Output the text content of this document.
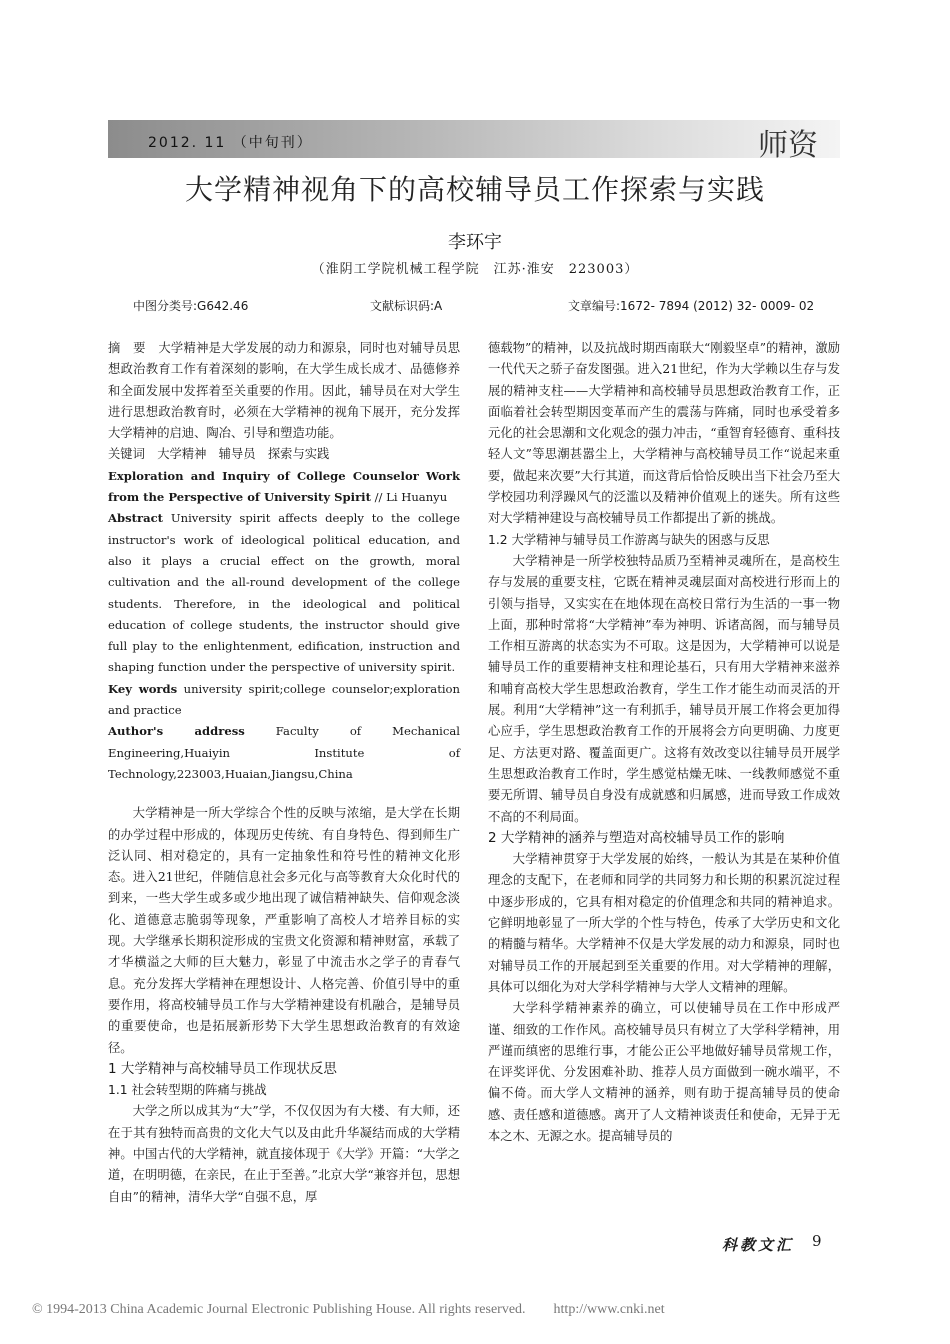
2012. 11 （中旬刊）	师资
大学精神视角下的高校辅导员工作探索与实践
李环宇
（淮阴工学院机械工程学院　江苏·淮安　223003）
中图分类号:G642.46	文献标识码:A	文章编号:1672- 7894 (2012) 32- 0009- 02

摘　要　大学精神是大学发展的动力和源泉，同时也对辅导员思想政治教育工作有着深刻的影响，在大学生成长成才、品德修养和全面发展中发挥着至关重要的作用。因此，辅导员在对大学生进行思想政治教育时，必须在大学精神的视角下展开，充分发挥大学精神的启迪、陶冶、引导和塑造功能。

关键词　大学精神　辅导员　探索与实践

Exploration and Inquiry of College Counselor Work from the Perspective of University Spirit // Li Huanyu

Abstract University spirit affects deeply to the college instructor's work of ideological political education, and also it plays a crucial effect on the growth, moral cultivation and the all-round development of the college students. Therefore, in the ideological and political education of college students, the instructor should give full play to the enlightenment, edification, instruction and shaping function under the perspective of university spirit.

Key words university spirit;college counselor;exploration and practice

Author's address Faculty of Mechanical Engineering,Huaiyin Institute of Technology,223003,Huaian,Jiangsu,China

大学精神是一所大学综合个性的反映与浓缩，是大学在长期的办学过程中形成的，体现历史传统、有自身特色、得到师生广泛认同、相对稳定的，具有一定抽象性和符号性的精神文化形态。进入21世纪，伴随信息社会多元化与高等教育大众化时代的到来，一些大学生或多或少地出现了诚信精神缺失、信仰观念淡化、道德意志脆弱等现象，严重影响了高校人才培养目标的实现。大学继承长期积淀形成的宝贵文化资源和精神财富，承载了才华横溢之大师的巨大魅力，彰显了中流击水之学子的青春气息。充分发挥大学精神在理想设计、人格完善、价值引导中的重要作用，将高校辅导员工作与大学精神建设有机融合，是辅导员的重要使命，也是拓展新形势下大学生思想政治教育的有效途径。

1 大学精神与高校辅导员工作现状反思

1.1 社会转型期的阵痛与挑战

大学之所以成其为“大”学，不仅仅因为有大楼、有大师，还在于其有独特而高贵的文化大气以及由此升华凝结而成的大学精神。中国古代的大学精神，就直接体现于《大学》开篇：“大学之道，在明明德，在亲民，在止于至善。”北京大学“兼容并包，思想自由”的精神，清华大学“自强不息，厚

德载物”的精神，以及抗战时期西南联大“刚毅坚卓”的精神，激励一代代天之骄子奋发图强。进入21世纪，作为大学赖以生存与发展的精神支柱——大学精神和高校辅导员思想政治教育工作，正面临着社会转型期因变革而产生的震荡与阵痛，同时也承受着多元化的社会思潮和文化观念的强力冲击，“重智育轻德育、重科技轻人文”等思潮甚嚣尘上，大学精神与高校辅导员工作“说起来重要，做起来次要”大行其道，而这背后恰恰反映出当下社会乃至大学校园功利浮躁风气的泛滥以及精神价值观上的迷失。所有这些对大学精神建设与高校辅导员工作都提出了新的挑战。

1.2 大学精神与辅导员工作游离与缺失的困惑与反思

大学精神是一所学校独特品质乃至精神灵魂所在，是高校生存与发展的重要支柱，它既在精神灵魂层面对高校进行形而上的引领与指导，又实实在在地体现在高校日常行为生活的一事一物上面，那种时常将“大学精神”奉为神明、诉诸高阁，而与辅导员工作相互游离的状态实为不可取。这是因为，大学精神可以说是辅导员工作的重要精神支柱和理论基石，只有用大学精神来滋养和哺育高校大学生思想政治教育，学生工作才能生动而灵活的开展。利用“大学精神”这一有利抓手，辅导员开展工作将会更加得心应手，学生思想政治教育工作的开展将会方向更明确、力度更足、方法更对路、覆盖面更广。这将有效改变以往辅导员开展学生思想政治教育工作时，学生感觉枯燥无味、一线教师感觉不重要无所谓、辅导员自身没有成就感和归属感，进而导致工作成效不高的不利局面。

2 大学精神的涵养与塑造对高校辅导员工作的影响

大学精神贯穿于大学发展的始终，一般认为其是在某种价值理念的支配下，在老师和同学的共同努力和长期的积累沉淀过程中逐步形成的，它具有相对稳定的价值理念和共同的精神追求。它鲜明地彰显了一所大学的个性与特色，传承了大学历史和文化的精髓与精华。大学精神不仅是大学发展的动力和源泉，同时也对辅导员工作的开展起到至关重要的作用。对大学精神的理解，具体可以细化为对大学科学精神与大学人文精神的理解。

大学科学精神素养的确立，可以使辅导员在工作中形成严谨、细致的工作作风。高校辅导员只有树立了大学科学精神，用严谨而缜密的思维行事，才能公正公平地做好辅导员常规工作，在评奖评优、分发困难补助、推荐人员方面做到一碗水端平，不偏不倚。而大学人文精神的涵养，则有助于提高辅导员的使命感、责任感和道德感。离开了人文精神谈责任和使命，无异于无本之木、无源之水。提高辅导员的

科教文汇 9
© 1994-2013 China Academic Journal Electronic Publishing House. All rights reserved.　　http://www.cnki.net
